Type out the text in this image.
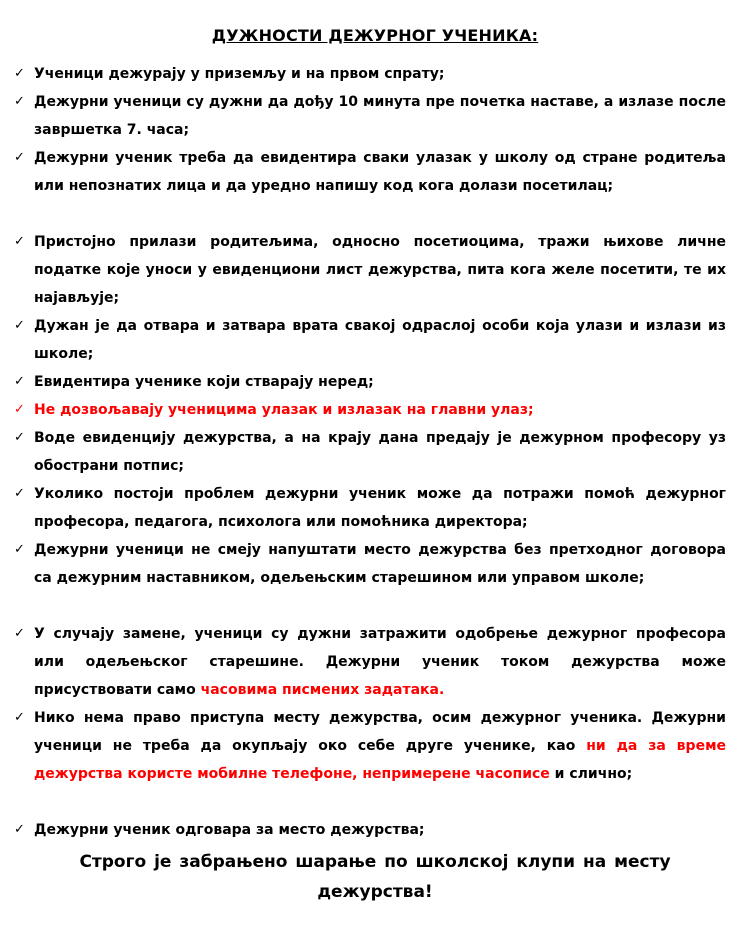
ДУЖНОСТИ ДЕЖУРНОГ УЧЕНИКА:
✓ Ученици дежурају у приземљу и на првом спрату;
✓ Дежурни ученици су дужни да дођу 10 минута пре почетка наставе, а излазе после завршетка 7. часа;
✓ Дежурни ученик треба да евидентира сваки улазак у школу од стране родитеља или непознатих лица и да уредно напишу код кога долази посетилац;
✓ Пристојно прилази родитељима, односно посетиоцима, тражи њихове личне податке које уноси у евиденциони лист дежурства, пита кога желе посетити, те их најављује;
✓ Дужан је да отвара и затвара врата свакој одраслој особи која улази и излази из школе;
✓ Евидентира ученике који стварају неред;
✓ Не дозвољавају ученицима улазак и излазак на главни улаз;
✓ Воде евиденцију дежурства, а на крају дана предају је дежурном професору уз обострани потпис;
✓ Уколико постоји проблем дежурни ученик може да потражи помоћ дежурног професора, педагога, психолога или помоћника директора;
✓ Дежурни ученици не смеју напуштати место дежурства без претходног договора са дежурним наставником, одељењским старешином или управом школе;
✓ У случају замене, ученици су дужни затражити одобрење дежурног професора или одељењског старешине. Дежурни ученик током дежурства може присуствовати само часовима писмених задатака.
✓ Нико нема право приступа месту дежурства, осим дежурног ученика. Дежурни ученици не треба да окупљају око себе друге ученике, као ни да за време дежурства користе мобилне телефоне, непримерене часописе и слично;
✓ Дежурни ученик одговара за место дежурства;
Строго је забрањено шарање по школској клупи на месту
дежурства!
